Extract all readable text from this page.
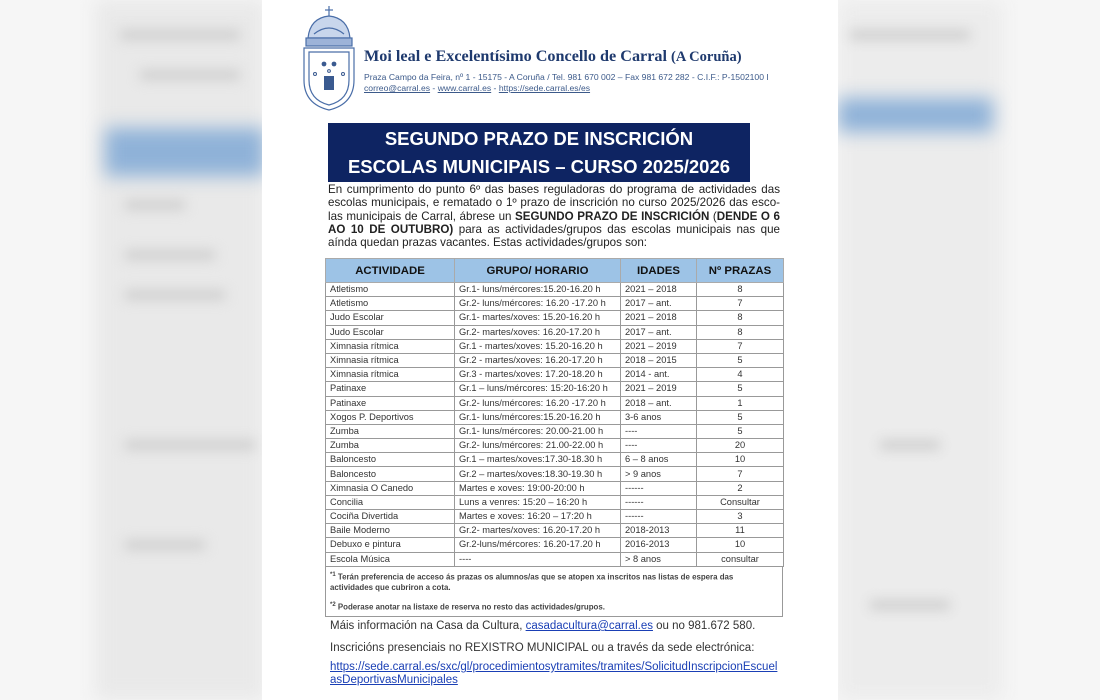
Moi leal e Excelentísimo Concello de Carral (A Coruña)
Praza Campo da Feira, nº 1 - 15175 - A Coruña / Tel. 981 670 002 – Fax 981 672 282 - C.I.F.: P-1502100 I
correo@carral.es - www.carral.es - https://sede.carral.es/es
SEGUNDO PRAZO DE INSCRICIÓN
ESCOLAS MUNICIPAIS – CURSO 2025/2026
En cumprimento do punto 6º das bases reguladoras do programa de actividades das escolas municipais, e rematado o 1º prazo de inscrición no curso 2025/2026 das esco-las municipais de Carral, ábrese un SEGUNDO PRAZO DE INSCRICIÓN (DENDE O 6 AO 10 DE OUTUBRO) para as actividades/grupos das escolas municipais nas que aínda quedan prazas vacantes. Estas actividades/grupos son:
ACTIVIDADE	GRUPO/ HORARIO	IDADES	Nº PRAZAS
Atletismo	Gr.1- luns/mércores:15.20-16.20 h	2021 – 2018	8
Atletismo	Gr.2- luns/mércores: 16.20 -17.20 h	2017 – ant.	7
Judo Escolar	Gr.1- martes/xoves: 15.20-16.20 h	2021 – 2018	8
Judo Escolar	Gr.2- martes/xoves: 16.20-17.20 h	2017 – ant.	8
Ximnasia rítmica	Gr.1 - martes/xoves: 15.20-16.20 h	2021 – 2019	7
Ximnasia rítmica	Gr.2 - martes/xoves: 16.20-17.20 h	2018 – 2015	5
Ximnasia rítmica	Gr.3 - martes/xoves: 17.20-18.20 h	2014 - ant.	4
Patinaxe	Gr.1 – luns/mércores: 15:20-16:20 h	2021 – 2019	5
Patinaxe	Gr.2- luns/mércores: 16.20 -17.20 h	2018 – ant.	1
Xogos P. Deportivos	Gr.1- luns/mércores:15.20-16.20 h	3-6 anos	5
Zumba	Gr.1- luns/mércores: 20.00-21.00 h	----	5
Zumba	Gr.2- luns/mércores: 21.00-22.00 h	----	20
Baloncesto	Gr.1 – martes/xoves:17.30-18.30 h	6 – 8 anos	10
Baloncesto	Gr.2 – martes/xoves:18.30-19.30 h	> 9 anos	7
Ximnasia O Canedo	Martes e xoves: 19:00-20:00 h	------	2
Concilia	Luns a venres: 15:20 – 16:20 h	------	Consultar
Cociña Divertida	Martes e xoves: 16:20 – 17:20 h	------	3
Baile Moderno	Gr.2- martes/xoves: 16.20-17.20 h	2018-2013	11
Debuxo e pintura	Gr.2-luns/mércores: 16.20-17.20 h	2016-2013	10
Escola Música	----	> 8 anos	consultar

$^{*1}$ Terán preferencia de acceso ás prazas os alumnos/as que se atopen xa inscritos nas listas de espera das actividades que cubriron a cota.

$^{*2}$ Poderase anotar na listaxe de reserva no resto das actividades/grupos.

Máis información na Casa da Cultura, casadacultura@carral.es ou no 981.672 580.
Inscricións presenciais no REXISTRO MUNICIPAL ou a través da sede electrónica:
https://sede.carral.es/sxc/gl/procedimientosytramites/tramites/SolicitudInscripcionEscuelasDeportivasMunicipales
